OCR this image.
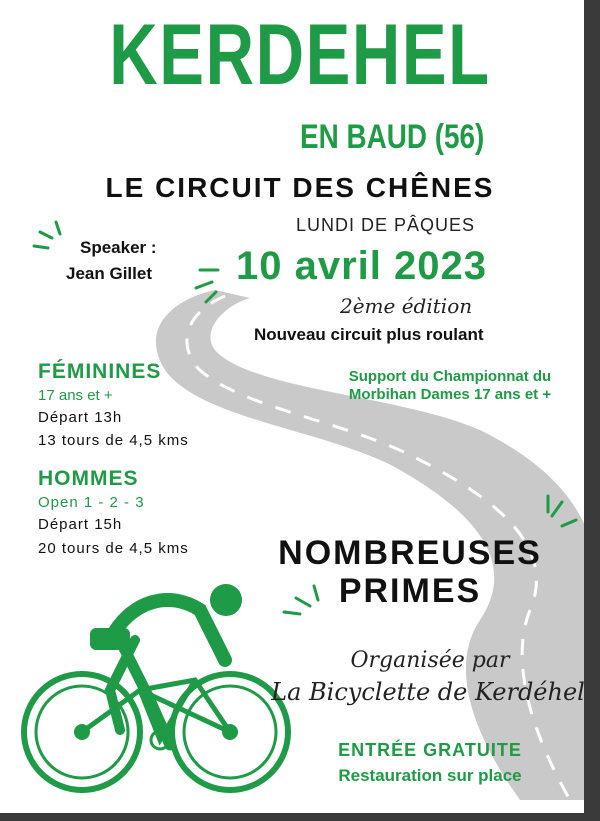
KERDEHEL
EN BAUD (56)
LE CIRCUIT DES CHÊNES
LUNDI DE PÂQUES
Speaker :
Jean Gillet 10 avril 2023
2ème édition
Nouveau circuit plus roulant
FÉMININES
17 ans et +
Départ 13h
13 tours de 4,5 kms
HOMMES
Open 1 - 2 - 3
Départ 15h
20 tours de 4,5 kms
Support du Championnat du Morbihan Dames 17 ans et +
NOMBREUSES PRIMES
Organisée par
La Bicyclette de Kerdéhel
ENTRÉE GRATUITE
Restauration sur place
